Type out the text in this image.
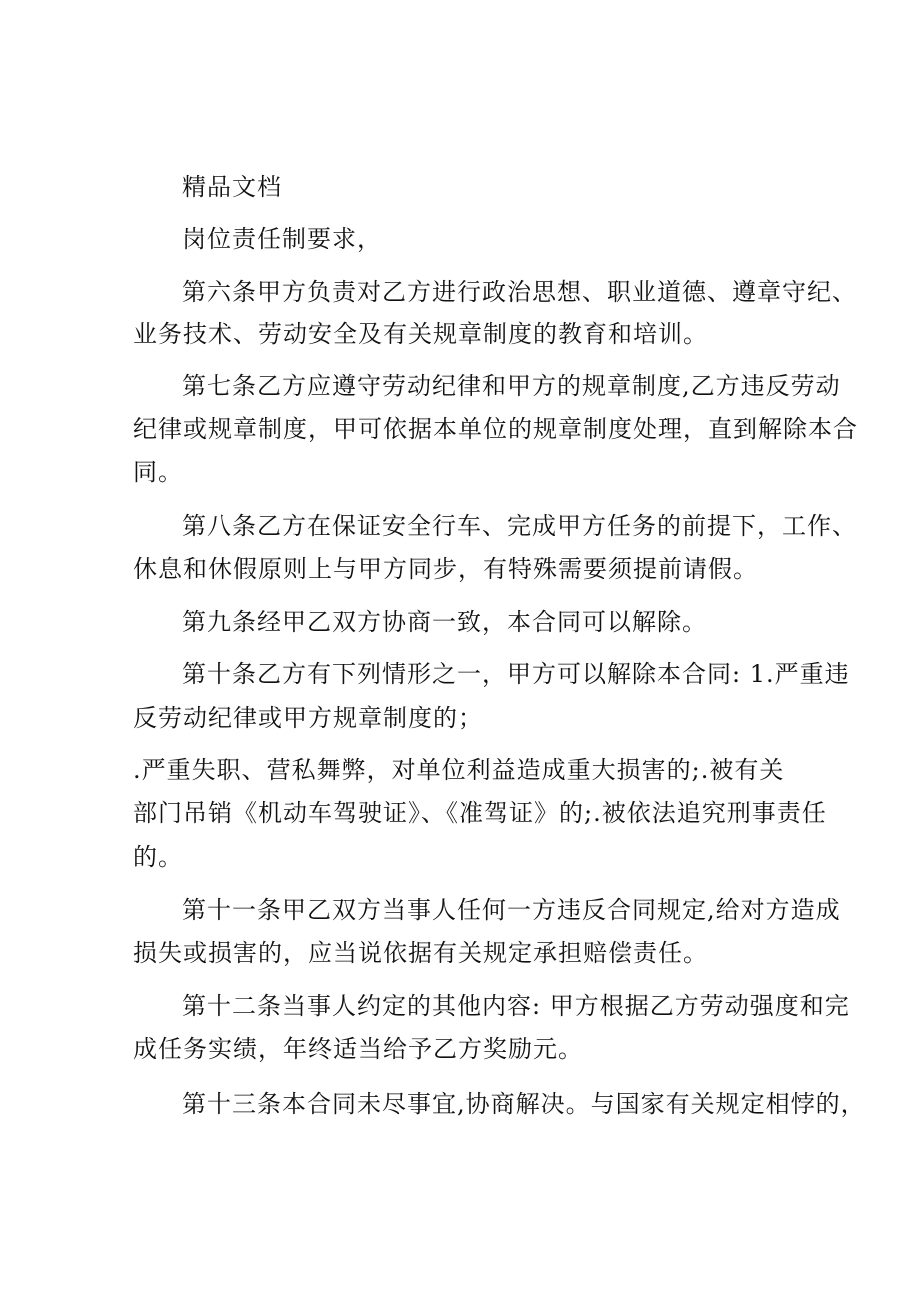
精品文档
岗位责任制要求，
第六条甲方负责对乙方进行政治思想、职业道德、遵章守纪、
业务技术、劳动安全及有关规章制度的教育和培训。
第七条乙方应遵守劳动纪律和甲方的规章制度,乙方违反劳动
纪律或规章制度，甲可依据本单位的规章制度处理，直到解除本合
同。
第八条乙方在保证安全行车、完成甲方任务的前提下，工作、
休息和休假原则上与甲方同步，有特殊需要须提前请假。
第九条经甲乙双方协商一致，本合同可以解除。
第十条乙方有下列情形之一，甲方可以解除本合同: 1.严重违
反劳动纪律或甲方规章制度的；
.严重失职、营私舞弊，对单位利益造成重大损害的;.被有关
部门吊销《机动车驾驶证》、《准驾证》的;.被依法追究刑事责任
的。
第十一条甲乙双方当事人任何一方违反合同规定,给对方造成
损失或损害的，应当说依据有关规定承担赔偿责任。
第十二条当事人约定的其他内容: 甲方根据乙方劳动强度和完
成任务实绩，年终适当给予乙方奖励元。
第十三条本合同未尽事宜,协商解决。与国家有关规定相悖的，
